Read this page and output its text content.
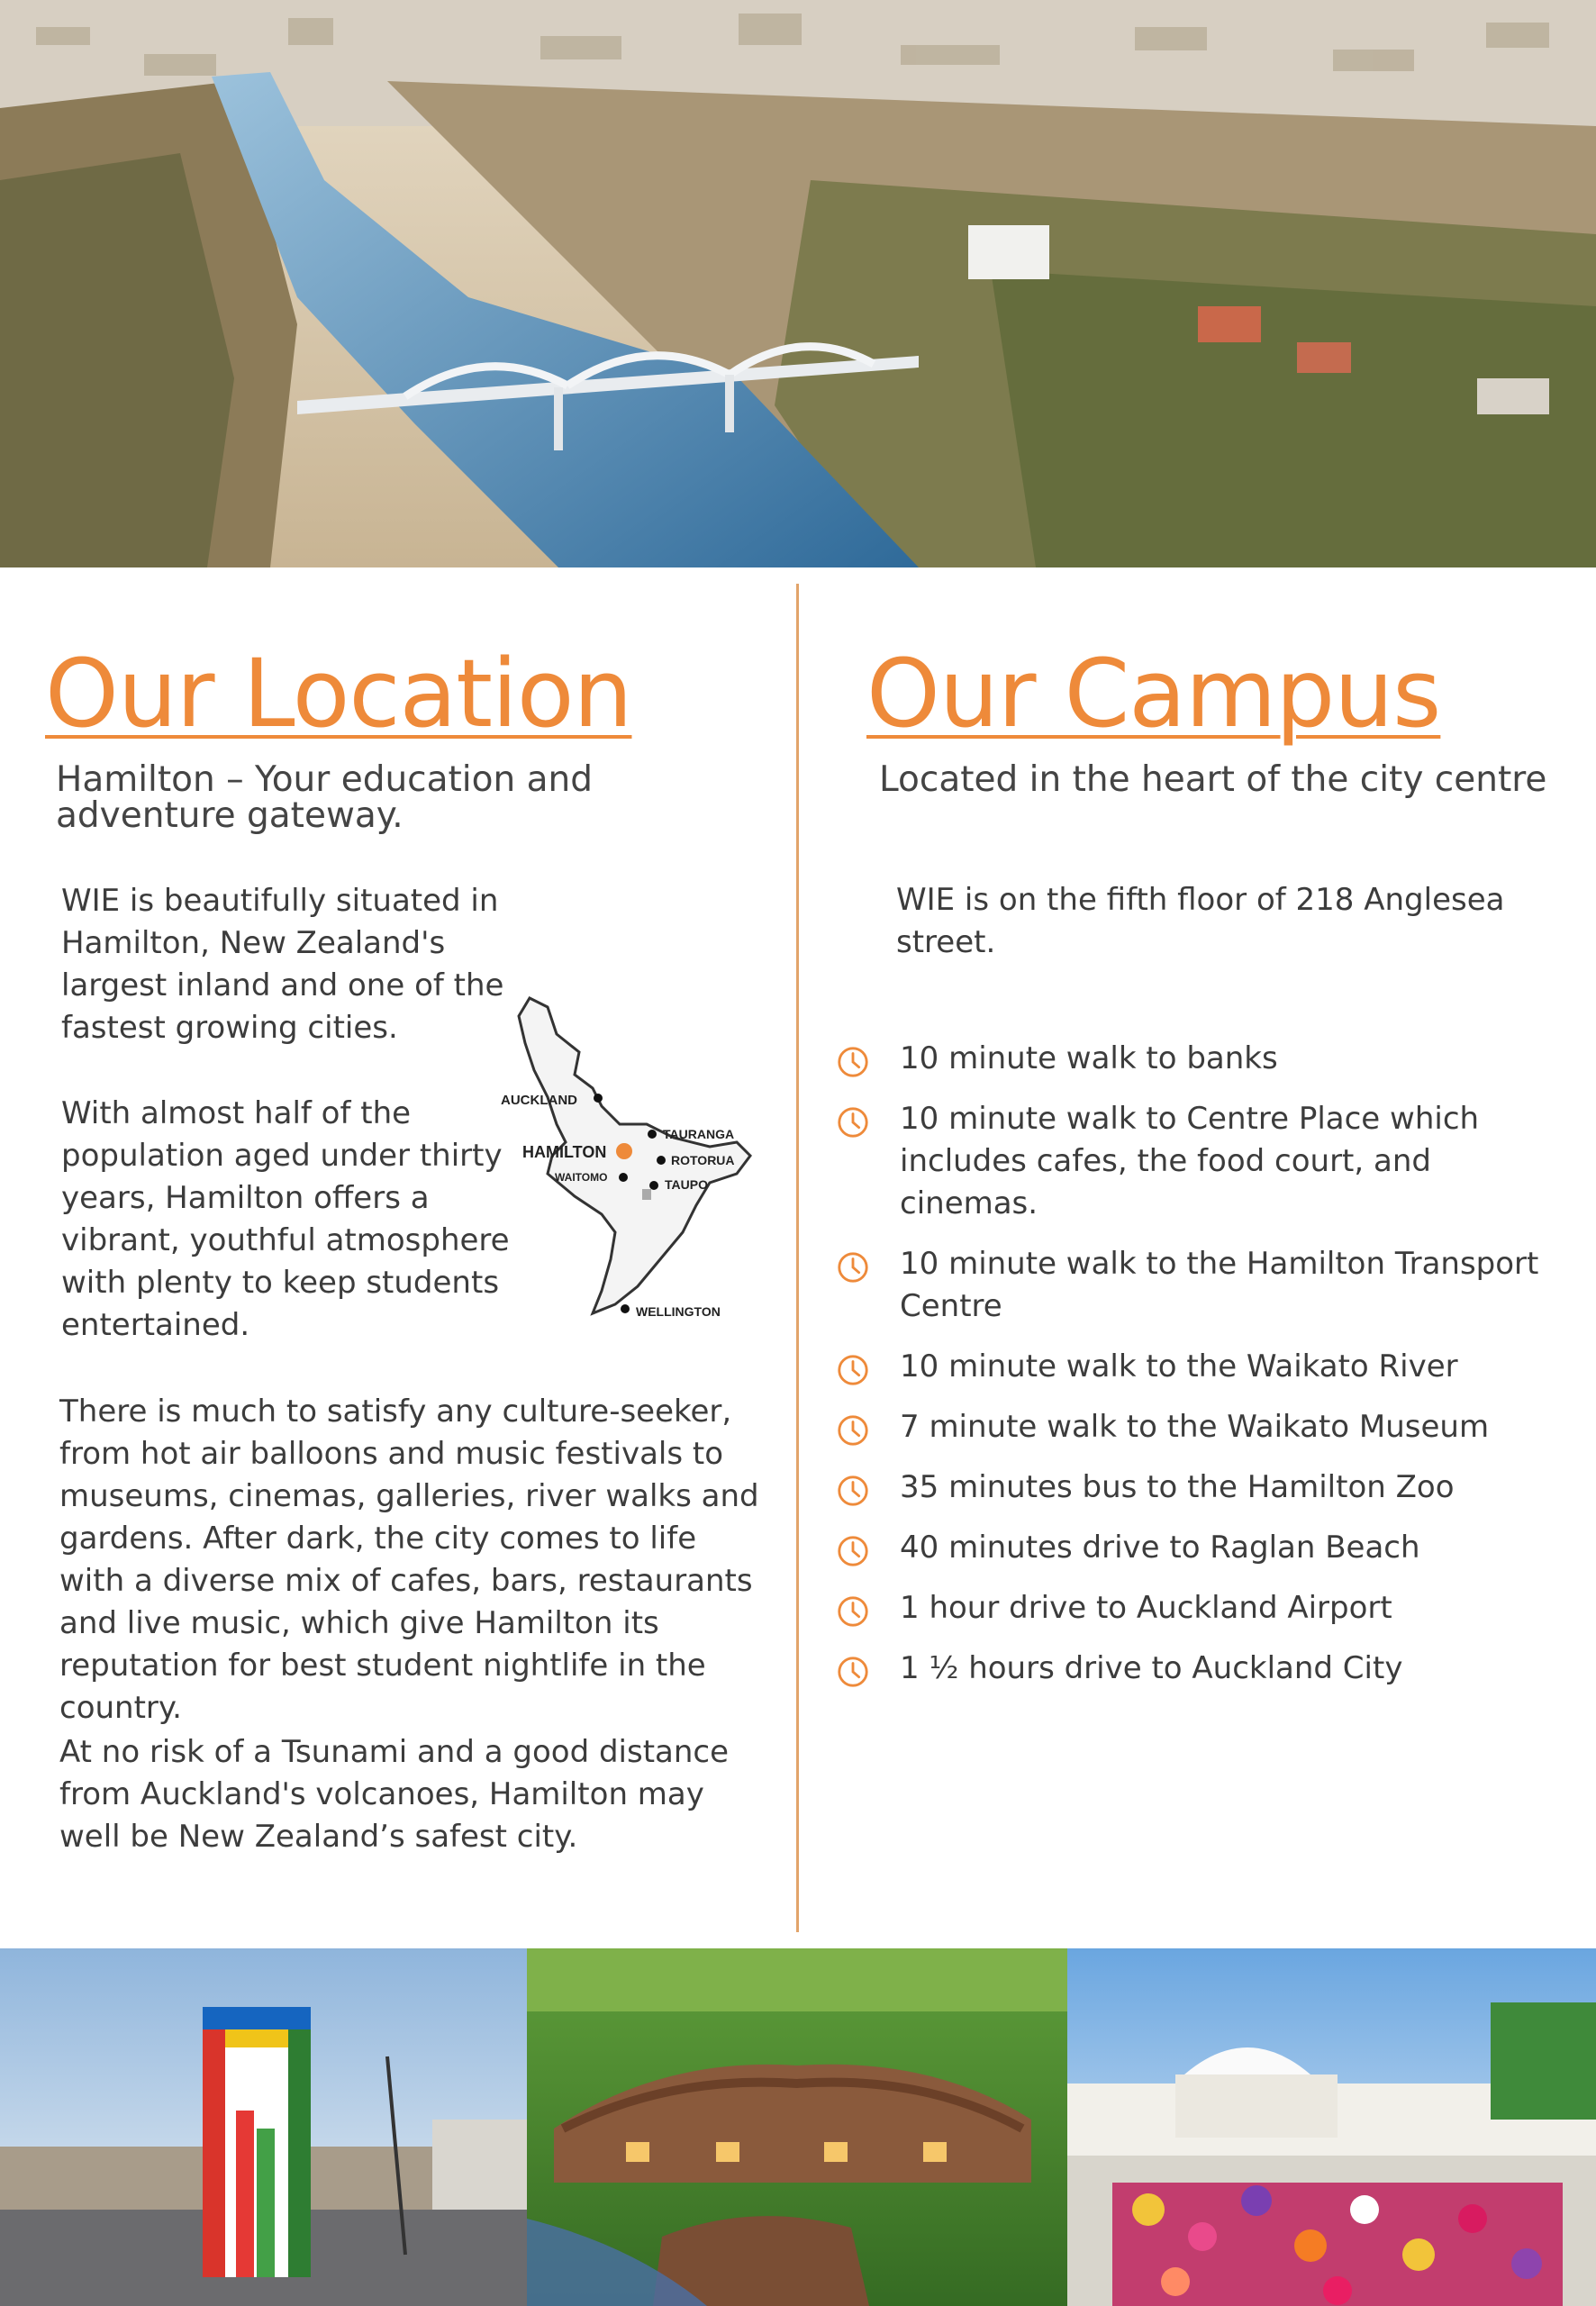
Our Location
Hamilton – Your education and adventure gateway.
WIE is beautifully situated in Hamilton, New Zealand's largest inland and one of the fastest growing cities.
With almost half of the population aged under thirty years, Hamilton offers a vibrant, youthful atmosphere with plenty to keep students entertained.
AUCKLAND
HAMILTON
WAITOMO
TAURANGA
ROTORUA
TAUPO
WELLINGTON
There is much to satisfy any culture-seeker, from hot air balloons and music festivals to museums, cinemas, galleries, river walks and gardens. After dark, the city comes to life with a diverse mix of cafes, bars, restaurants and live music, which give Hamilton its reputation for best student nightlife in the country.
At no risk of a Tsunami and a good distance from Auckland's volcanoes, Hamilton may well be New Zealand’s safest city.
Our Campus
Located in the heart of the city centre
WIE is on the fifth floor of 218 Anglesea street.
10 minute walk to banks
10 minute walk to Centre Place which includes cafes, the food court, and cinemas.
10 minute walk to the Hamilton Transport Centre
10 minute walk to the Waikato River
7 minute walk to the Waikato Museum
35 minutes bus to the Hamilton Zoo
40 minutes drive to Raglan Beach
1 hour drive to Auckland Airport
1 ½ hours drive to Auckland City
